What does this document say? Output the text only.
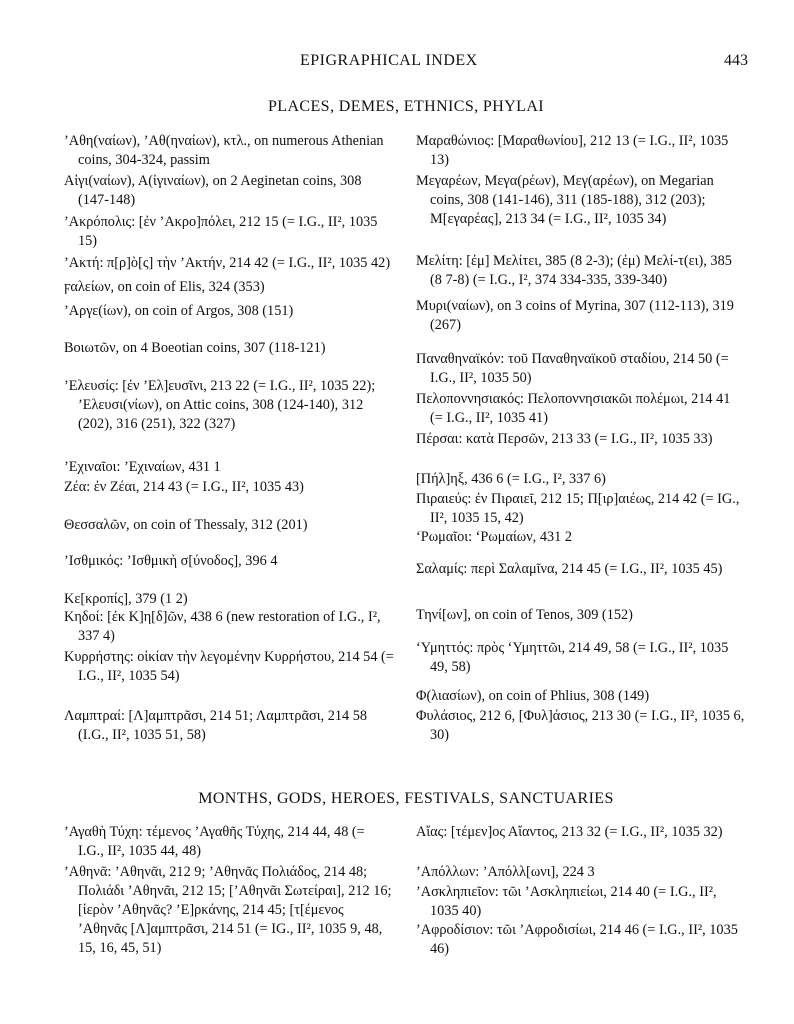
EPIGRAPHICAL INDEX	443
PLACES, DEMES, ETHNICS, PHYLAI
’Αθη(ναίων), ’Αθ(ηναίων), κτλ., on numerous Athenian coins, 304-324, passim
Αἰγι(ναίων), Α(ἰγιναίων), on 2 Aeginetan coins, 308 (147-148)
’Ακρόπολις: [ἐν ’Ακρο]πόλει, 212 15 (= I.G., II², 1035 15)
’Ακτή: π[ρ]ὸ[ς] τὴν ’Ακτήν, 214 42 (= I.G., II², 1035 42)
ϝαλείων, on coin of Elis, 324 (353)
’Αργε(ίων), on coin of Argos, 308 (151)
Βοιωτῶν, on 4 Boeotian coins, 307 (118-121)
’Ελευσίς: [ἐν ’Ελ]ευσῖνι, 213 22 (= I.G., II², 1035 22); ’Ελευσι(νίων), on Attic coins, 308 (124-140), 312 (202), 316 (251), 322 (327)
’Εχιναῖοι: ’Εχιναίων, 431 1
Ζέα: ἐν Ζέαι, 214 43 (= I.G., II², 1035 43)
Θεσσαλῶν, on coin of Thessaly, 312 (201)
’Ισθμικός: ’Ισθμικὴ σ[ύνοδος], 396 4
Κε[κροπίς], 379 (1 2)
Κηδοί: [ἐκ Κ]η[δ]ῶν, 438 6 (new restoration of I.G., I², 337 4)
Κυρρήστης: οἰκίαν τὴν λεγομένην Κυρρήστου, 214 54 (= I.G., II², 1035 54)
Λαμπτραί: [Λ]αμπτρᾶσι, 214 51; Λαμπτρᾶσι, 214 58 (I.G., II², 1035 51, 58)
Μαραθώνιος: [Μαραθωνίου], 212 13 (= I.G., II², 1035 13)
Μεγαρέων, Μεγα(ρέων), Μεγ(αρέων), on Megarian coins, 308 (141-146), 311 (185-188), 312 (203); Μ[εγαρέας], 213 34 (= I.G., II², 1035 34)
Μελίτη: [ἐμ] Μελίτει, 385 (8 2-3); (ἐμ) Μελί-τ(ει), 385 (8 7-8) (= I.G., I², 374 334-335, 339-340)
Μυρι(ναίων), on 3 coins of Myrina, 307 (112-113), 319 (267)
Παναθηναϊκόν: τοῦ Παναθηναϊκοῦ σταδίου, 214 50 (= I.G., II², 1035 50)
Πελοποννησιακός: Πελοποννησιακῶι πολέμωι, 214 41 (= I.G., II², 1035 41)
Πέρσαι: κατὰ Περσῶν, 213 33 (= I.G., II², 1035 33)
[Πήλ]ηξ, 436 6 (= I.G., I², 337 6)
Πιραιεύς: ἐν Πιραιεῖ, 212 15; Π[ιρ]αιέως, 214 42 (= IG., II², 1035 15, 42)
‘Ρωμαῖοι: ‘Ρωμαίων, 431 2
Σαλαμίς: περὶ Σαλαμῖνα, 214 45 (= I.G., II², 1035 45)
Τηνί[ων], on coin of Tenos, 309 (152)
‘Υμηττός: πρὸς ‘Υμηττῶι, 214 49, 58 (= I.G., II², 1035 49, 58)
Φ(λιασίων), on coin of Phlius, 308 (149)
Φυλάσιος, 212 6, [Φυλ]άσιος, 213 30 (= I.G., II², 1035 6, 30)
MONTHS, GODS, HEROES, FESTIVALS, SANCTUARIES
’Αγαθὴ Τύχη: τέμενος ’Αγαθῆς Τύχης, 214 44, 48 (= I.G., II², 1035 44, 48)
’Αθηνᾶ: ’Αθηνᾶι, 212 9; ’Αθηνᾶς Πολιάδος, 214 48; Πολιάδι ’Αθηνᾶι, 212 15; [’Αθηνᾶι Σωτείραι], 212 16; [ἱερὸν ’Αθηνᾶς? ’Ε]ρκάνης, 214 45; [τ[έμενος ’Αθηνᾶς [Λ]αμπτρᾶσι, 214 51 (= IG., II², 1035 9, 48, 15, 16, 45, 51)
Αἴας: [τέμεν]ος Αἴαντος, 213 32 (= I.G., II², 1035 32)
’Απόλλων: ’Απόλλ[ωνι], 224 3
’Ασκληπιεῖον: τῶι ’Ασκληπιείωι, 214 40 (= I.G., II², 1035 40)
’Αφροδίσιον: τῶι ’Αφροδισίωι, 214 46 (= I.G., II², 1035 46)
